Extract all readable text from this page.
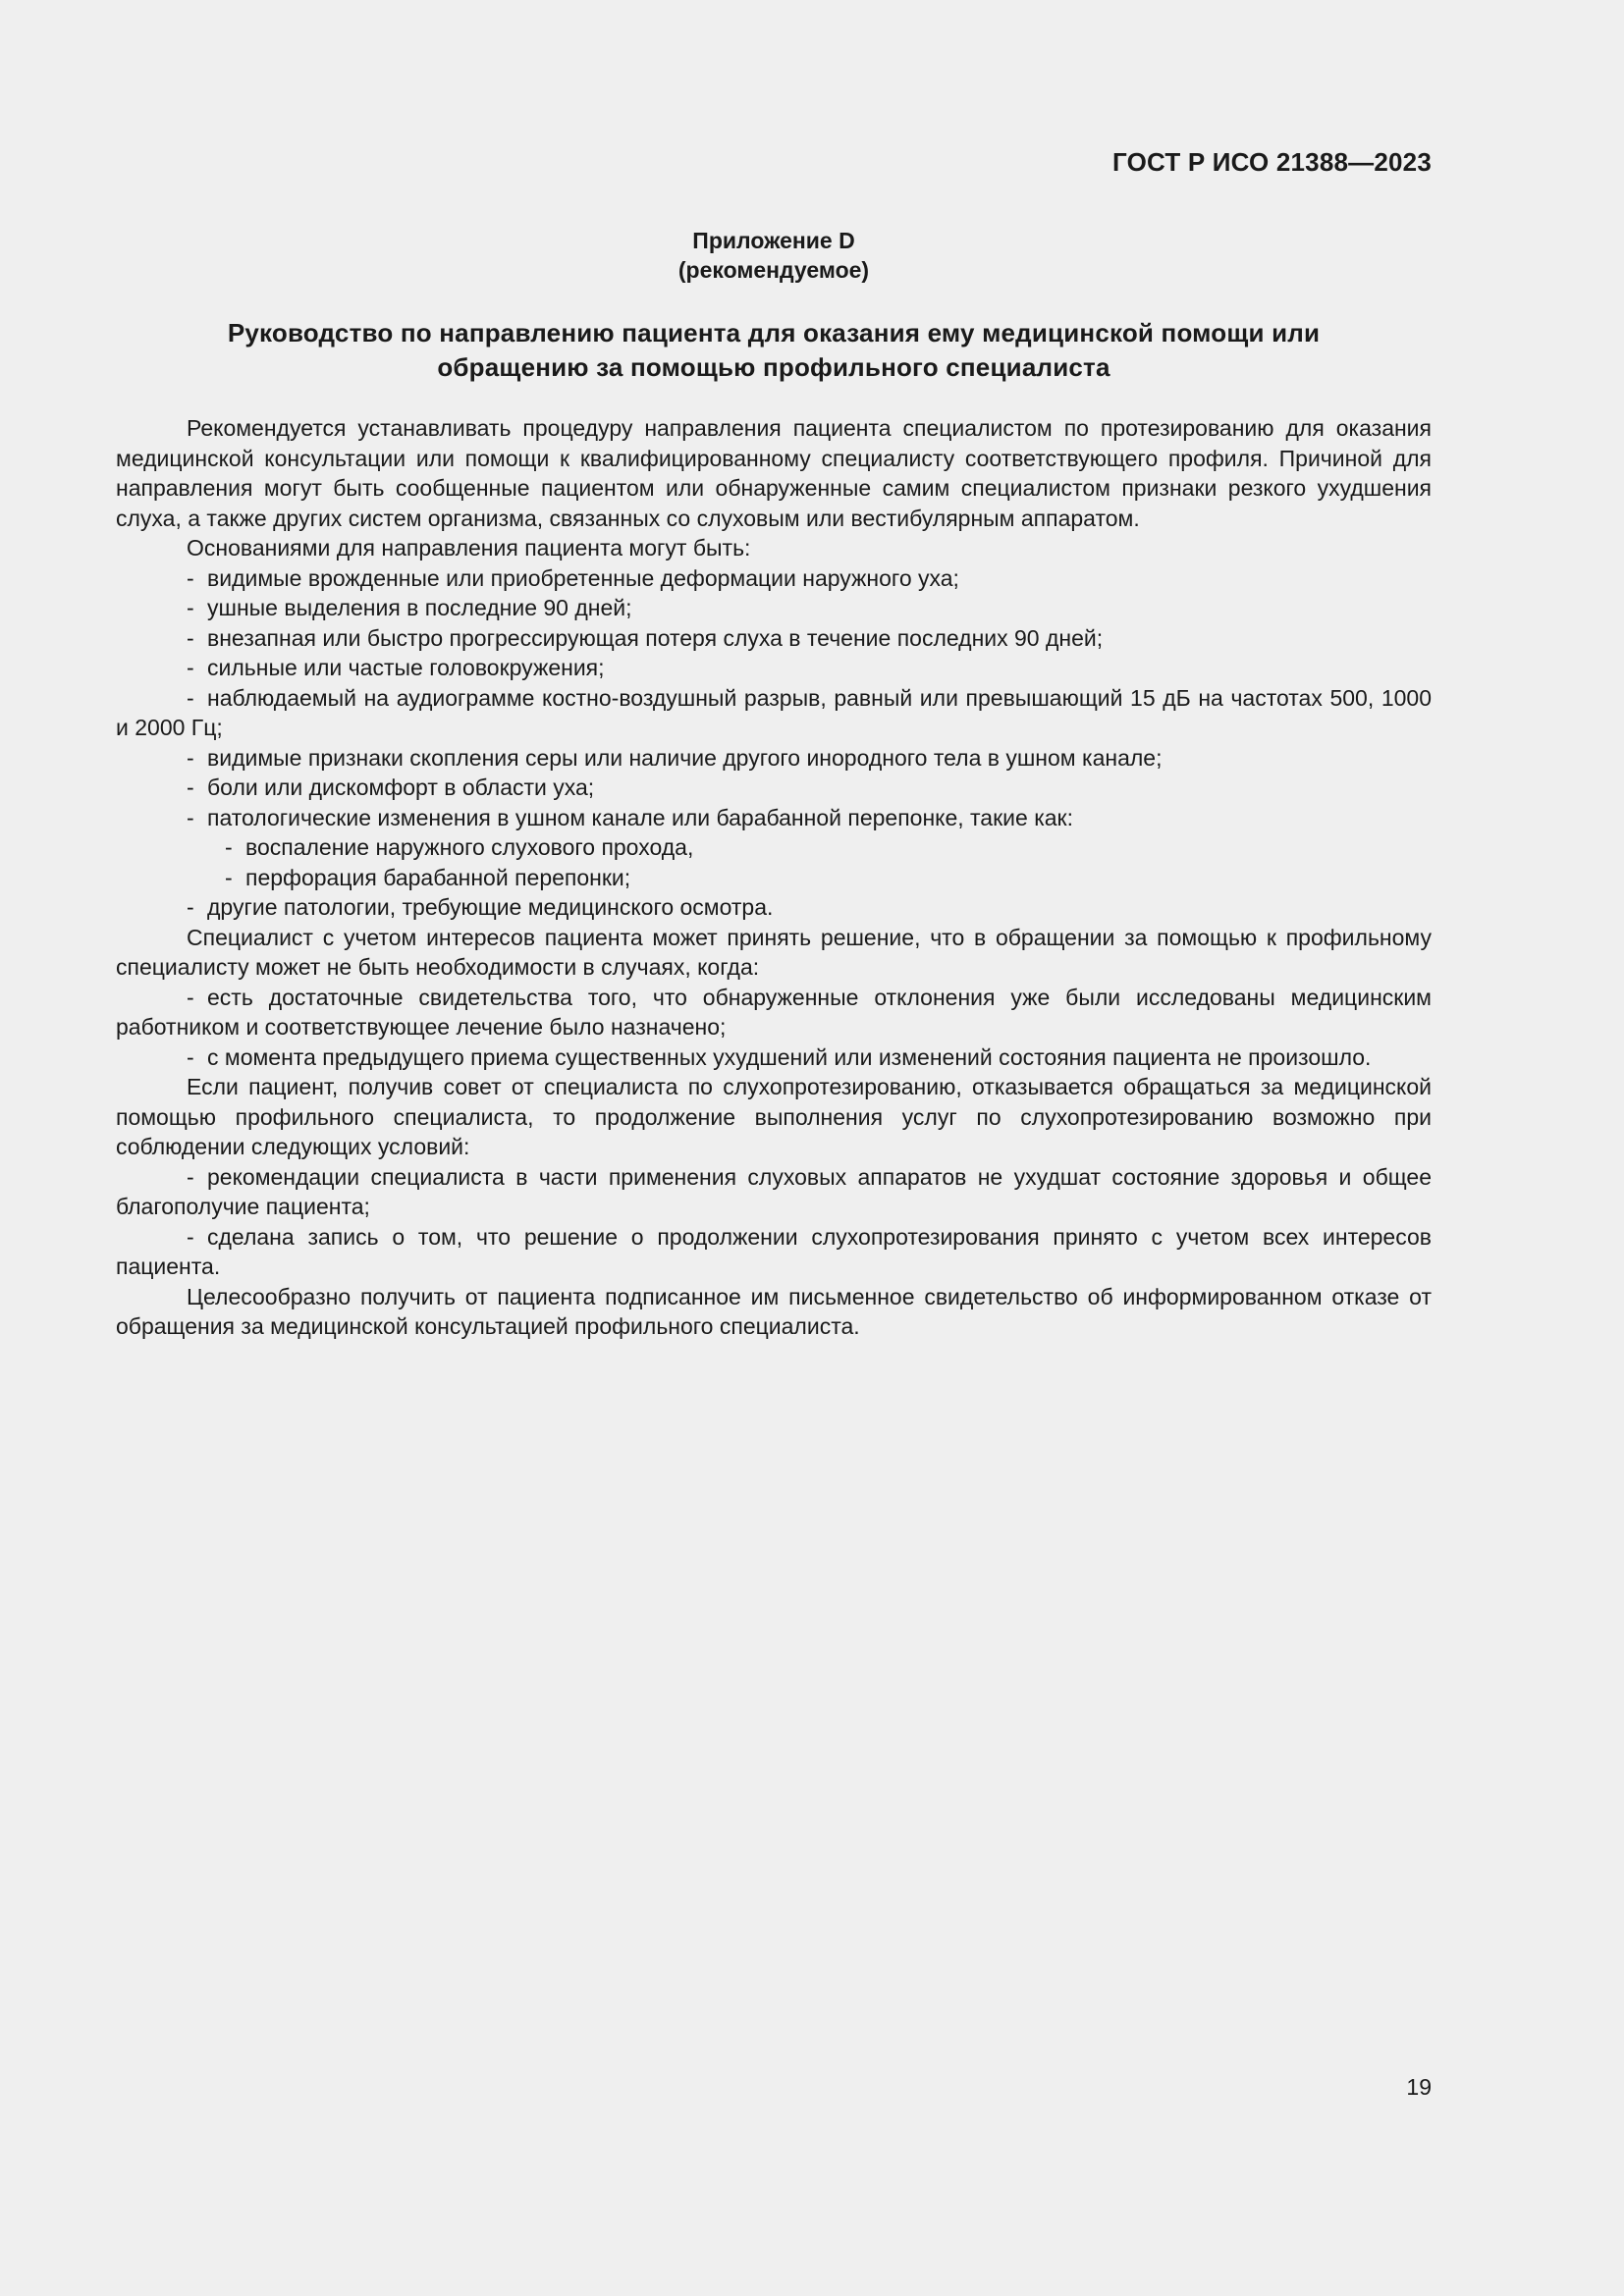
ГОСТ Р ИСО 21388—2023
Приложение D
(рекомендуемое)
Руководство по направлению пациента для оказания ему медицинской помощи или
обращению за помощью профильного специалиста

Рекомендуется устанавливать процедуру направления пациента специалистом по протезированию для оказания медицинской консультации или помощи к квалифицированному специалисту соответствующего профиля. Причиной для направления могут быть сообщенные пациентом или обнаруженные самим специалистом признаки резкого ухудшения слуха, а также других систем организма, связанных со слуховым или вестибулярным аппаратом.

Основаниями для направления пациента могут быть:

- видимые врожденные или приобретенные деформации наружного уха;

- ушные выделения в последние 90 дней;

- внезапная или быстро прогрессирующая потеря слуха в течение последних 90 дней;

- сильные или частые головокружения;

- наблюдаемый на аудиограмме костно-воздушный разрыв, равный или превышающий 15 дБ на частотах 500, 1000 и 2000 Гц;

- видимые признаки скопления серы или наличие другого инородного тела в ушном канале;

- боли или дискомфорт в области уха;

- патологические изменения в ушном канале или барабанной перепонке, такие как:

- воспаление наружного слухового прохода,

- перфорация барабанной перепонки;

- другие патологии, требующие медицинского осмотра.

Специалист с учетом интересов пациента может принять решение, что в обращении за помощью к профильному специалисту может не быть необходимости в случаях, когда:

- есть достаточные свидетельства того, что обнаруженные отклонения уже были исследованы медицинским работником и соответствующее лечение было назначено;

- с момента предыдущего приема существенных ухудшений или изменений состояния пациента не произошло.

Если пациент, получив совет от специалиста по слухопротезированию, отказывается обращаться за медицинской помощью профильного специалиста, то продолжение выполнения услуг по слухопротезированию возможно при соблюдении следующих условий:

- рекомендации специалиста в части применения слуховых аппаратов не ухудшат состояние здоровья и общее благополучие пациента;

- сделана запись о том, что решение о продолжении слухопротезирования принято с учетом всех интересов пациента.

Целесообразно получить от пациента подписанное им письменное свидетельство об информированном отказе от обращения за медицинской консультацией профильного специалиста.

19
